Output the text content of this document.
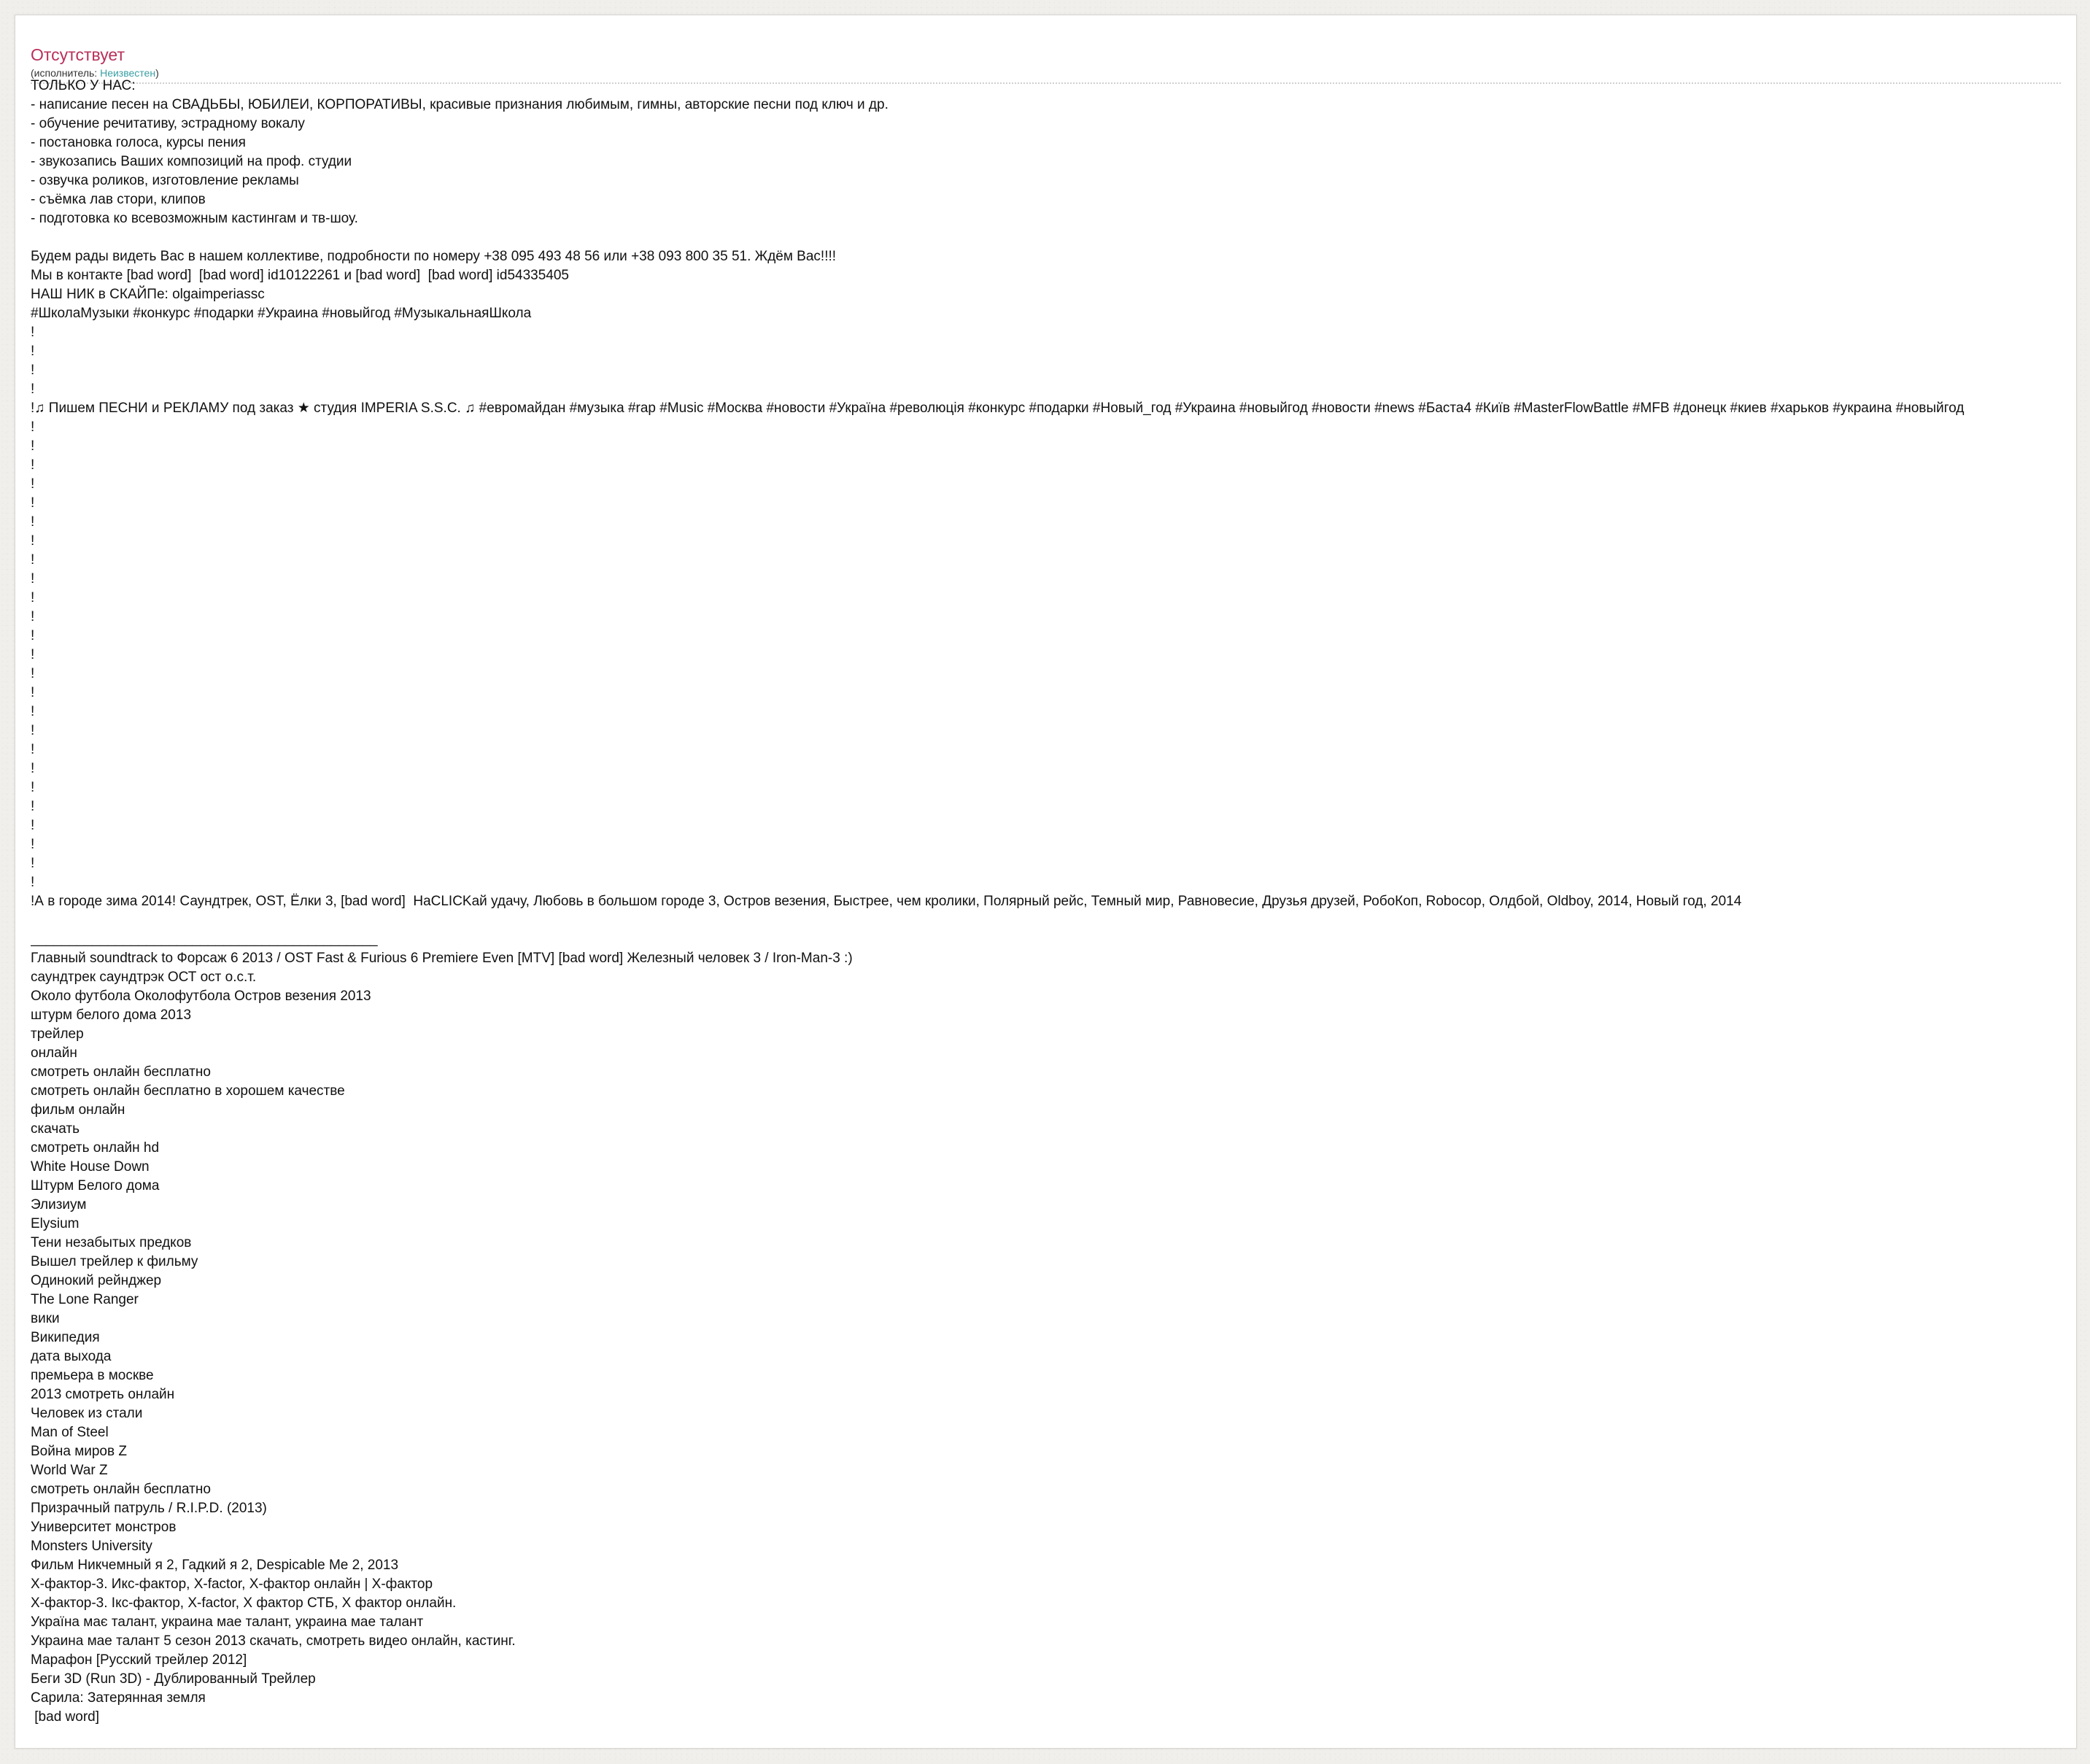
Отсутствует
(исполнитель: Неизвестен)
ТОЛЬКО У НАС:
- написание песен на СВАДЬБЫ, ЮБИЛЕИ, КОРПОРАТИВЫ, красивые признания любимым, гимны, авторские песни под ключ и др.
- обучение речитативу, эстрадному вокалу
- постановка голоса, курсы пения
- звукозапись Ваших композиций на проф. студии
- озвучка роликов, изготовление рекламы
- съёмка лав стори, клипов
- подготовка ко всевозможным кастингам и тв-шоу.

Будем рады видеть Вас в нашем коллективе, подробности по номеру +38 095 493 48 56 или +38 093 800 35 51. Ждём Вас!!!!
Мы в контакте [bad word]  [bad word] id10122261 и [bad word]  [bad word] id54335405
НАШ НИК в СКАЙПе: olgaimperiassc
#ШколаМузыки #конкурс #подарки #Украина #новыйгод #МузыкальнаяШкола
!
!
!
!
!♫ Пишем ПЕСНИ и РЕКЛАМУ под заказ ★ студия IMPERIA S.S.C. ♫ #евромайдан #музыка #rap #Music #Москва #новости #Україна #революція #конкурс #подарки #Новый_год #Украина #новыйгод #новости #news #Баста4 #Київ #MasterFlowBattle #MFB #донецк #киев #харьков #украина #новыйгод
!
!
!
!
!
!
!
!
!
!
!
!
!
!
!
!
!
!
!
!
!
!
!
!
!
!А в городе зима 2014! Саундтрек, OST, Ёлки 3, [bad word]  HaCLICKай удачу, Любовь в большом городе 3, Остров везения, Быстрее, чем кролики, Полярный рейс, Темный мир, Равновесие, Друзья друзей, РобоКоп, Robocop, Олдбой, Oldboy, 2014, Новый год, 2014

_____________________________________________
Главный soundtrack to Форсаж 6 2013 / OST Fast & Furious 6 Premiere Even [MTV] [bad word] Железный человек 3 / Iron-Man-3 :)
саундтрек саундтрэк ОСТ ост о.с.т.
Около футбола Околофутбола Остров везения 2013
штурм белого дома 2013
трейлер
онлайн
смотреть онлайн бесплатно
смотреть онлайн бесплатно в хорошем качестве
фильм онлайн
скачать
смотреть онлайн hd
White House Down
Штурм Белого дома
Элизиум
Elysium
Тени незабытых предков
Вышел трейлер к фильму
Одинокий рейнджер
The Lone Ranger
вики
Википедия
дата выхода
премьера в москве
2013 смотреть онлайн
Человек из стали
Man of Steel
Война миров Z
World War Z
смотреть онлайн бесплатно
Призрачный патруль / R.I.P.D. (2013)
Университет монстров
Monsters University
Фильм Никчемный я 2, Гадкий я 2, Despicable Me 2, 2013
X-фактор-3. Икс-фактор, X-factor, X-фактор онлайн | X-фактор
X-фактор-3. Ікс-фактор, X-factor, Х фактор СТБ, Х фактор онлайн.
Україна має талант, украина мае талант, украина мае талант
Украина мае талант 5 сезон 2013 скачать, смотреть видео онлайн, кастинг.
Марафон [Русский трейлер 2012]
Беги 3D (Run 3D) - Дублированный Трейлер
Сарила: Затерянная земля
[bad word]
